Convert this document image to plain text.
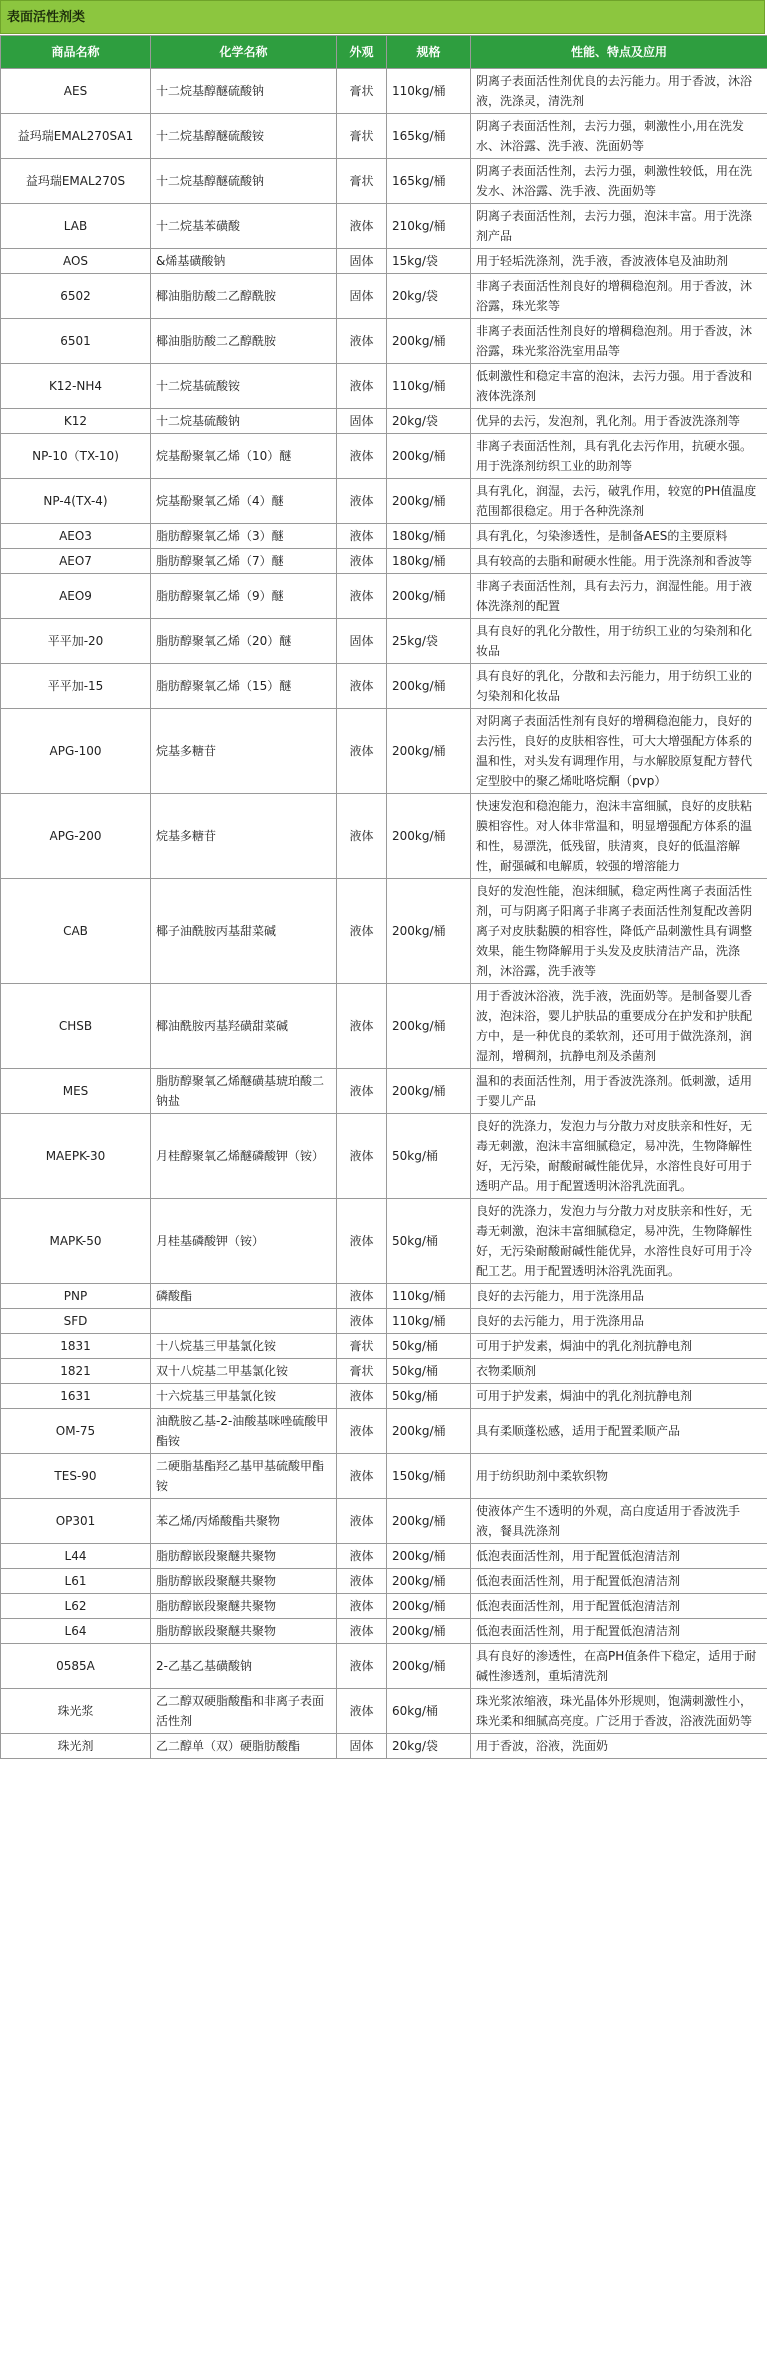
表面活性剂类
商品名称	化学名称	外观	规格	性能、特点及应用
AES	十二烷基醇醚硫酸钠	膏状	110kg/桶	阴离子表面活性剂优良的去污能力。用于香波，沐浴液，洗涤灵，清洗剂
益玛瑞EMAL270SA1	十二烷基醇醚硫酸铵	膏状	165kg/桶	阴离子表面活性剂，去污力强，刺激性小,用在洗发水、沐浴露、洗手液、洗面奶等
益玛瑞EMAL270S	十二烷基醇醚硫酸钠	膏状	165kg/桶	阴离子表面活性剂，去污力强，刺激性较低，用在洗发水、沐浴露、洗手液、洗面奶等
LAB	十二烷基苯磺酸	液体	210kg/桶	阴离子表面活性剂，去污力强，泡沫丰富。用于洗涤剂产品
AOS	&烯基磺酸钠	固体	15kg/袋	用于轻垢洗涤剂，洗手液，香波液体皂及油助剂
6502	椰油脂肪酸二乙醇酰胺	固体	20kg/袋	非离子表面活性剂良好的增稠稳泡剂。用于香波，沐浴露，珠光浆等
6501	椰油脂肪酸二乙醇酰胺	液体	200kg/桶	非离子表面活性剂良好的增稠稳泡剂。用于香波，沐浴露，珠光浆浴洗室用品等
K12-NH4	十二烷基硫酸铵	液体	110kg/桶	低刺激性和稳定丰富的泡沫，去污力强。用于香波和液体洗涤剂
K12	十二烷基硫酸钠	固体	20kg/袋	优异的去污，发泡剂，乳化剂。用于香波洗涤剂等
NP-10（TX-10)	烷基酚聚氧乙烯（10）醚	液体	200kg/桶	非离子表面活性剂，具有乳化去污作用，抗硬水强。用于洗涤剂纺织工业的助剂等
NP-4(TX-4)	烷基酚聚氧乙烯（4）醚	液体	200kg/桶	具有乳化，润湿，去污，破乳作用，较宽的PH值温度范围都很稳定。用于各种洗涤剂
AEO3	脂肪醇聚氧乙烯（3）醚	液体	180kg/桶	具有乳化，匀染渗透性，是制备AES的主要原料
AEO7	脂肪醇聚氧乙烯（7）醚	液体	180kg/桶	具有较高的去脂和耐硬水性能。用于洗涤剂和香波等
AEO9	脂肪醇聚氧乙烯（9）醚	液体	200kg/桶	非离子表面活性剂，具有去污力，润湿性能。用于液体洗涤剂的配置
平平加-20	脂肪醇聚氧乙烯（20）醚	固体	25kg/袋	具有良好的乳化分散性，用于纺织工业的匀染剂和化妆品
平平加-15	脂肪醇聚氧乙烯（15）醚	液体	200kg/桶	具有良好的乳化，分散和去污能力，用于纺织工业的匀染剂和化妆品
APG-100	烷基多糖苷	液体	200kg/桶	对阴离子表面活性剂有良好的增稠稳泡能力，良好的去污性，良好的皮肤相容性，可大大增强配方体系的温和性，对头发有调理作用，与水解胶原复配方替代定型胶中的聚乙烯吡咯烷酮（pvp）
APG-200	烷基多糖苷	液体	200kg/桶	快速发泡和稳泡能力，泡沫丰富细腻，良好的皮肤粘膜相容性。对人体非常温和，明显增强配方体系的温和性，易漂洗，低残留，肤清爽，良好的低温溶解性，耐强碱和电解质，较强的增溶能力
CAB	椰子油酰胺丙基甜菜碱	液体	200kg/桶	良好的发泡性能，泡沫细腻，稳定两性离子表面活性剂，可与阴离子阳离子非离子表面活性剂复配改善阴离子对皮肤黏膜的相容性，降低产品刺激性具有调整效果，能生物降解用于头发及皮肤清洁产品，洗涤剂，沐浴露，洗手液等
CHSB	椰油酰胺丙基羟磺甜菜碱	液体	200kg/桶	用于香波沐浴液，洗手液，洗面奶等。是制备婴儿香波，泡沫浴，婴儿护肤品的重要成分在护发和护肤配方中，是一种优良的柔软剂，还可用于做洗涤剂，润湿剂，增稠剂，抗静电剂及杀菌剂
MES	脂肪醇聚氧乙烯醚磺基琥珀酸二钠盐	液体	200kg/桶	温和的表面活性剂，用于香波洗涤剂。低刺激，适用于婴儿产品
MAEPK-30	月桂醇聚氧乙烯醚磷酸钾（铵）	液体	50kg/桶	良好的洗涤力，发泡力与分散力对皮肤亲和性好，无毒无刺激，泡沫丰富细腻稳定，易冲洗，生物降解性好，无污染，耐酸耐碱性能优异，水溶性良好可用于透明产品。用于配置透明沐浴乳洗面乳。
MAPK-50	月桂基磷酸钾（铵）	液体	50kg/桶	良好的洗涤力，发泡力与分散力对皮肤亲和性好，无毒无刺激，泡沫丰富细腻稳定，易冲洗，生物降解性好，无污染耐酸耐碱性能优异，水溶性良好可用于冷配工艺。用于配置透明沐浴乳洗面乳。
PNP	磷酸酯	液体	110kg/桶	良好的去污能力，用于洗涤用品
SFD		液体	110kg/桶	良好的去污能力，用于洗涤用品
1831	十八烷基三甲基氯化铵	膏状	50kg/桶	可用于护发素，焗油中的乳化剂抗静电剂
1821	双十八烷基二甲基氯化铵	膏状	50kg/桶	衣物柔顺剂
1631	十六烷基三甲基氯化铵	液体	50kg/桶	可用于护发素，焗油中的乳化剂抗静电剂
OM-75	油酰胺乙基-2-油酸基咪唑硫酸甲酯铵	液体	200kg/桶	具有柔顺蓬松感，适用于配置柔顺产品
TES-90	二硬脂基酯羟乙基甲基硫酸甲酯铵	液体	150kg/桶	用于纺织助剂中柔软织物
OP301	苯乙烯/丙烯酸酯共聚物	液体	200kg/桶	使液体产生不透明的外观，高白度适用于香波洗手液，餐具洗涤剂
L44	脂肪醇嵌段聚醚共聚物	液体	200kg/桶	低泡表面活性剂，用于配置低泡清洁剂
L61	脂肪醇嵌段聚醚共聚物	液体	200kg/桶	低泡表面活性剂，用于配置低泡清洁剂
L62	脂肪醇嵌段聚醚共聚物	液体	200kg/桶	低泡表面活性剂，用于配置低泡清洁剂
L64	脂肪醇嵌段聚醚共聚物	液体	200kg/桶	低泡表面活性剂，用于配置低泡清洁剂
0585A	2-乙基乙基磺酸钠	液体	200kg/桶	具有良好的渗透性，在高PH值条件下稳定，适用于耐碱性渗透剂，重垢清洗剂
珠光浆	乙二醇双硬脂酸酯和非离子表面活性剂	液体	60kg/桶	珠光浆浓缩液，珠光晶体外形规则，饱满刺激性小，珠光柔和细腻高亮度。广泛用于香波，浴液洗面奶等
珠光剂	乙二醇单（双）硬脂肪酸酯	固体	20kg/袋	用于香波，浴液，洗面奶
